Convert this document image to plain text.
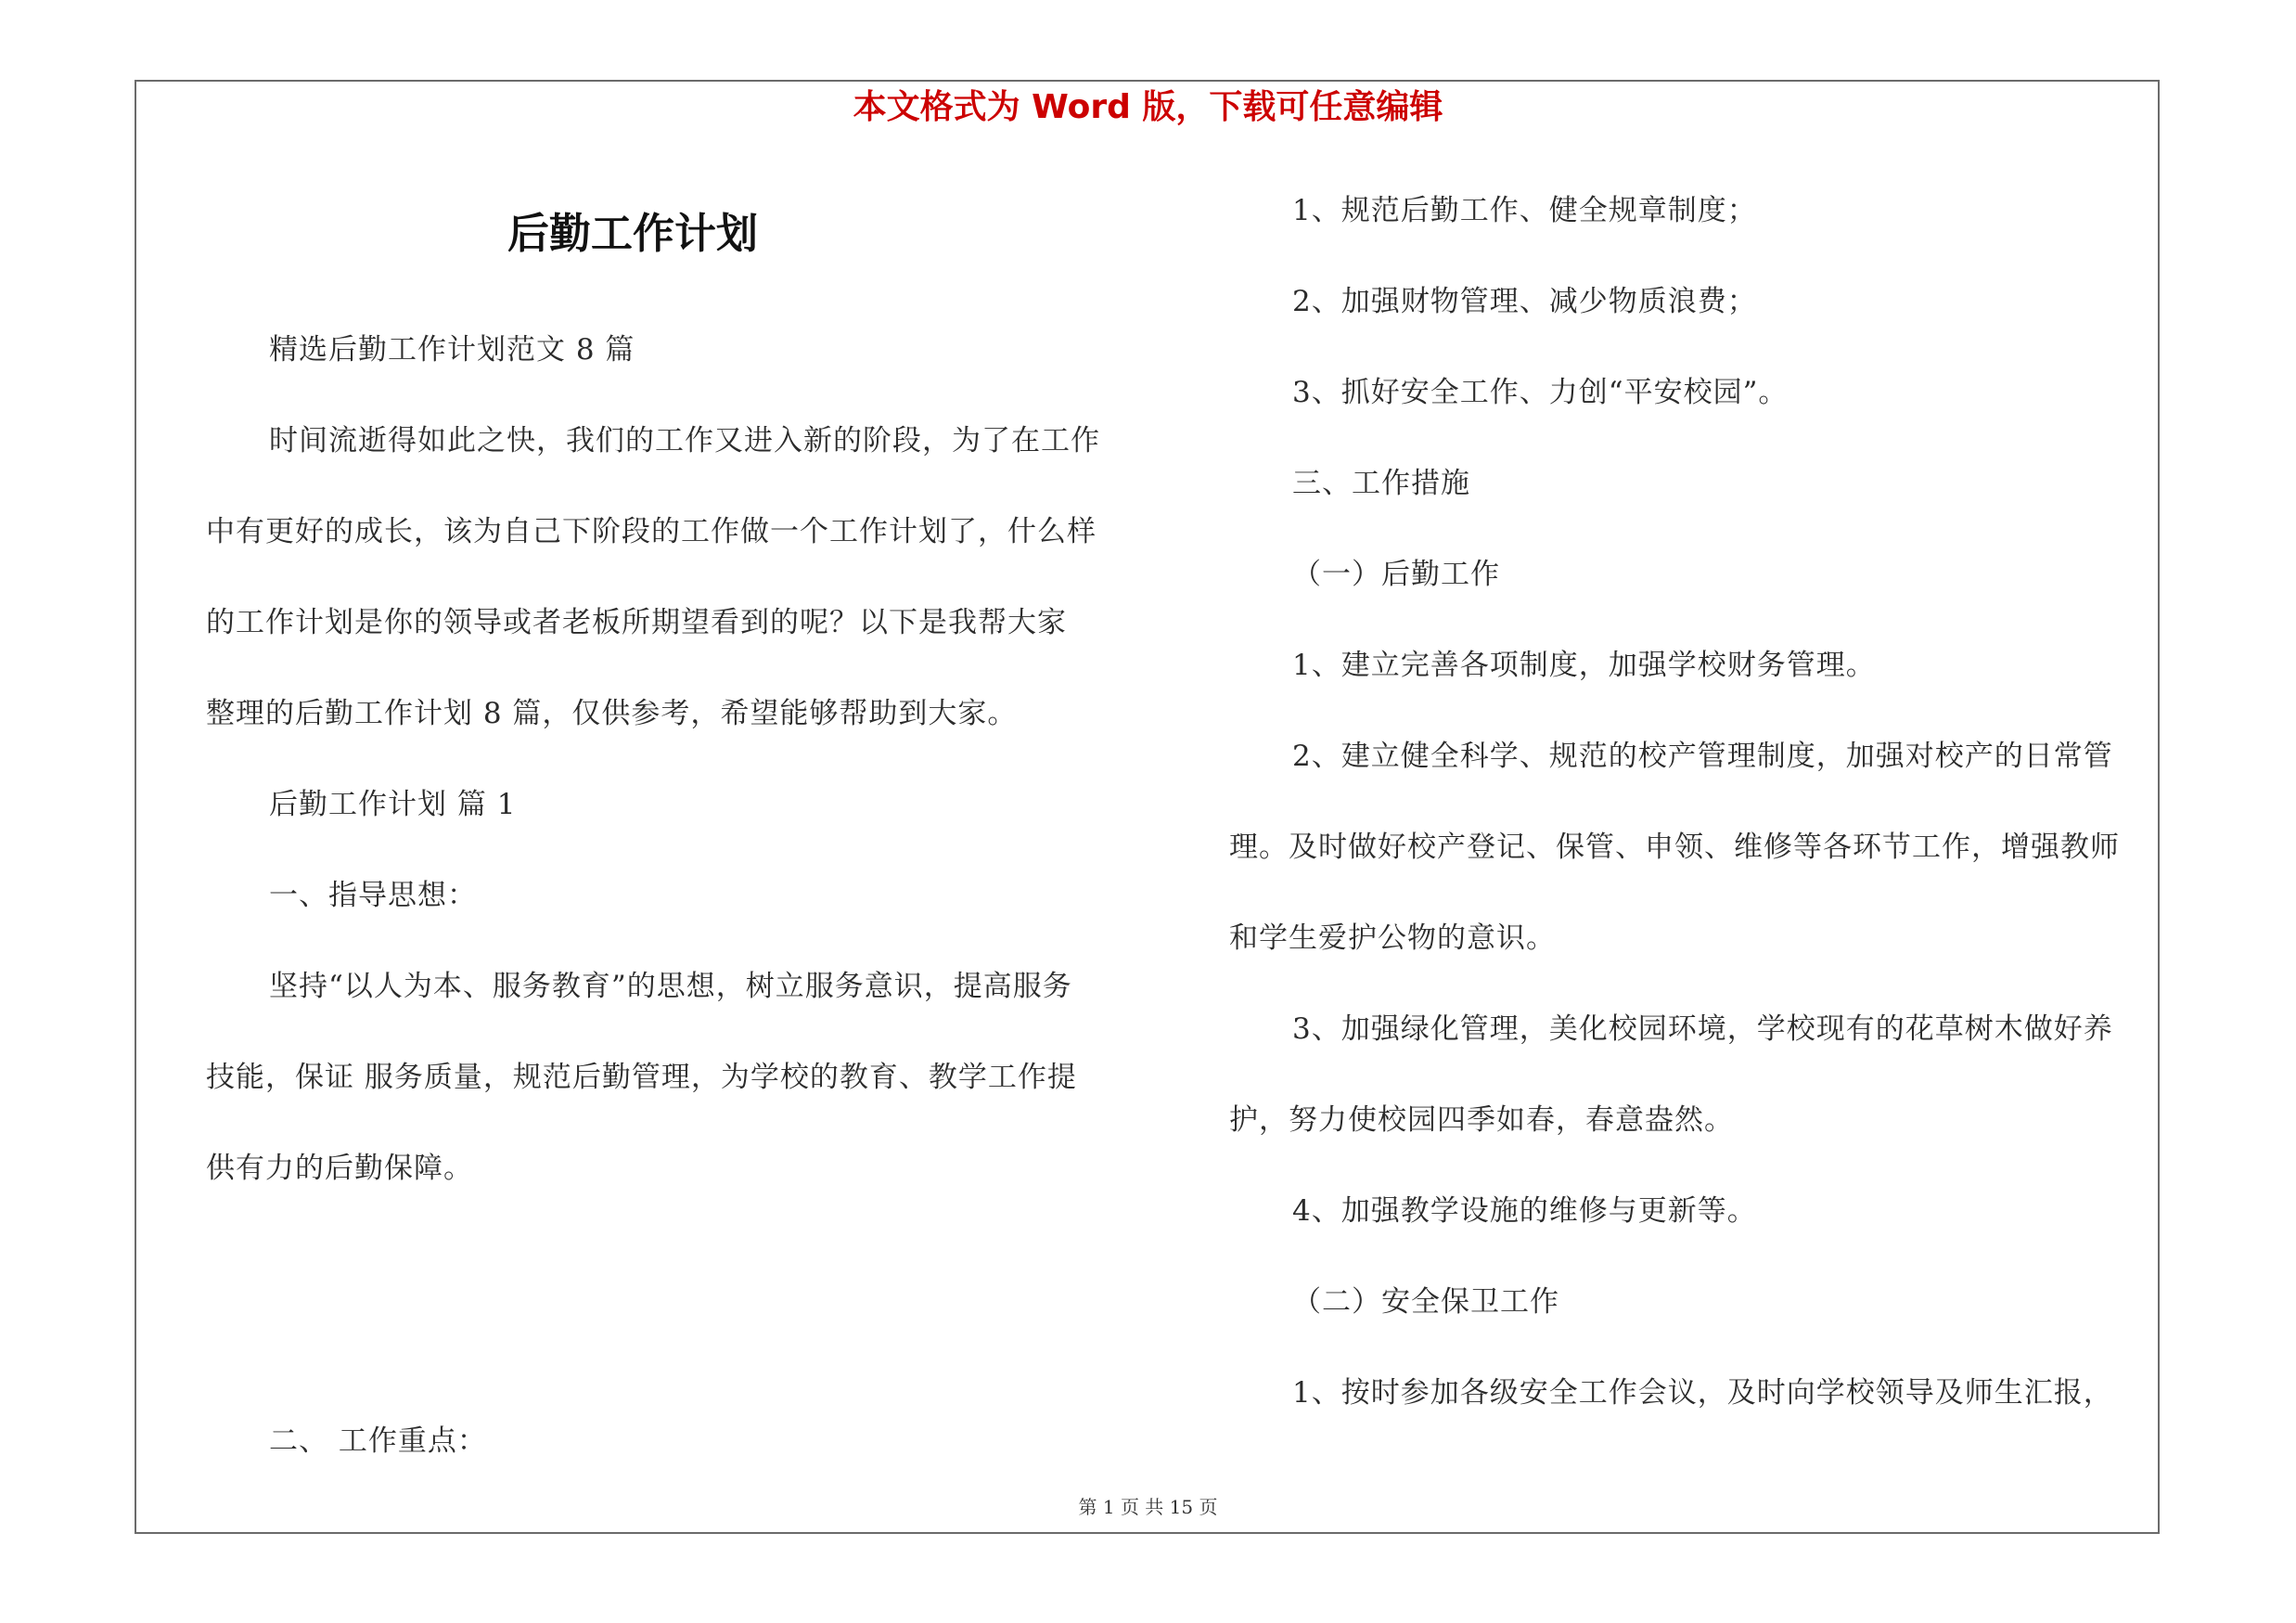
本文格式为 Word 版，下载可任意编辑
后勤工作计划

精选后勤工作计划范文 8 篇

时间流逝得如此之快，我们的工作又进入新的阶段，为了在工作

中有更好的成长，该为自己下阶段的工作做一个工作计划了，什么样

的工作计划是你的领导或者老板所期望看到的呢？以下是我帮大家

整理的后勤工作计划 8 篇，仅供参考，希望能够帮助到大家。

后勤工作计划 篇 1

一、指导思想：

坚持“以人为本、服务教育”的思想，树立服务意识，提高服务

技能，保证 服务质量，规范后勤管理，为学校的教育、教学工作提

供有力的后勤保障。

二、 工作重点：

1、规范后勤工作、健全规章制度；

2、加强财物管理、减少物质浪费；

3、抓好安全工作、力创“平安校园”。

三、工作措施

（一）后勤工作

1、建立完善各项制度，加强学校财务管理。

2、建立健全科学、规范的校产管理制度，加强对校产的日常管

理。及时做好校产登记、保管、申领、维修等各环节工作，增强教师

和学生爱护公物的意识。

3、加强绿化管理，美化校园环境，学校现有的花草树木做好养

护，努力使校园四季如春，春意盎然。

4、加强教学设施的维修与更新等。

（二）安全保卫工作

1、按时参加各级安全工作会议，及时向学校领导及师生汇报，

第 1 页 共 15 页
